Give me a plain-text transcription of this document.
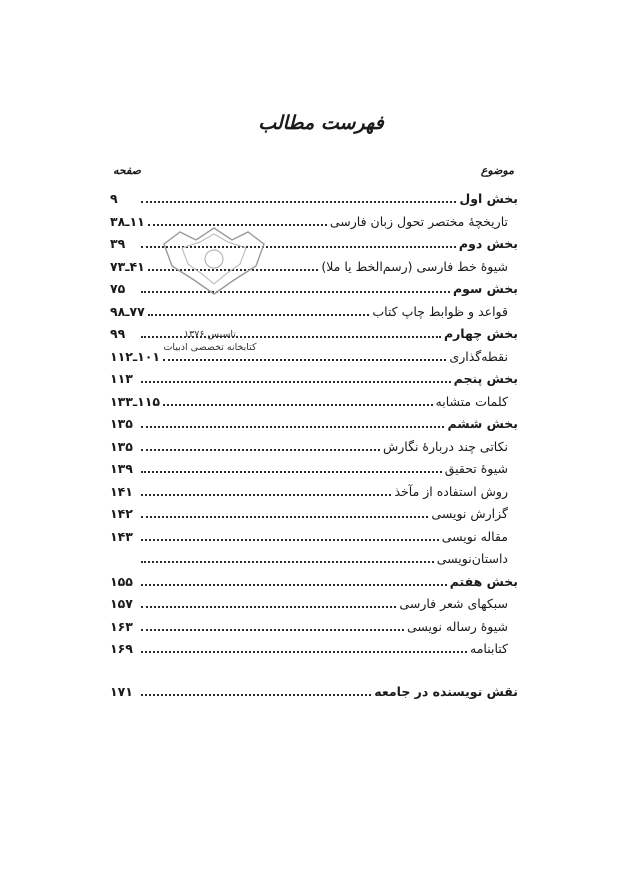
فهرست مطالب
موضوع
صفحه
بخش اول
۹
تاریخچهٔ مختصر تحول زبان فارسی
۱۱ـ۳۸
بخش دوم
۳۹
شیوهٔ خط فارسی (رسم‌الخط یا ملا)
۴۱ـ۷۳
بخش سوم
۷۵
قواعد و ظوابط چاپ کتاب
۷۷ـ۹۸
بخش چهارم
۹۹
نقطه‌گذاری
۱۰۱ـ۱۱۲
بخش پنجم
۱۱۳
کلمات متشابه
۱۱۵ـ۱۳۳
بخش ششم
۱۳۵
نکاتی چند دربارهٔ نگارش
۱۳۵
شیوهٔ تحقیق
۱۳۹
روش استفاده از مآخذ
۱۴۱
گزارش نویسی
۱۴۲
مقاله نویسی
۱۴۳
داستان‌نویسی
بخش هفتم
۱۵۵
سبکهای شعر فارسی
۱۵۷
شیوهٔ رساله نویسی
۱۶۳
کتابنامه
۱۶۹
نقش نویسنده در جامعه
۱۷۱
تاسیس ۱۳۷۶
کتابخانه تخصصی ادبیات
